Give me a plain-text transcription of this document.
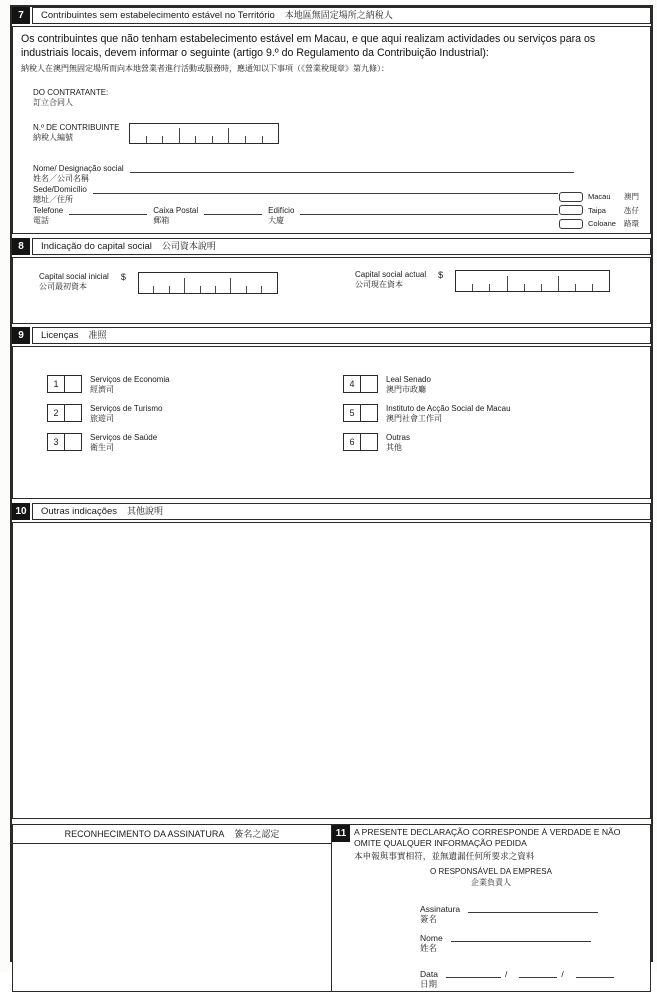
7	Contribuintes sem estabelecimento estável no Território 本地區無固定場所之納稅人

Os contribuintes que não tenham estabelecimento estável em Macau, e que aqui realizam actividades ou serviços para os industriais locais, devem informar o seguinte (artigo 9.º do Regulamento da Contribuição Industrial):

納稅人在澳門無固定場所而向本地營業者進行活動或服務時，應通知以下事項（《營業稅規章》第九條）：

DO CONTRATANTE:
訂立合同人
N.º DE CONTRIBUINTE
納稅人編號
Nome/ Designação social
姓名／公司名稱
Sede/Domicílio
總址／住所
Telefone
電話
Caixa Postal
郵箱
Edifício
大廈
Macau	澳門
Taipa	氹仔
Coloane	路環
8	Indicação do capital social 公司資本說明
Capital social inicial
公司最初資本
$	Capital social actual
公司現在資本
$
9	Licenças 准照
1	Serviços de Economia
經濟司
2	Serviços de Turismo
旅遊司
3	Serviços de Saúde
衛生司
4	Leal Senado
澳門市政廳
5	Instituto de Acção Social de Macau
澳門社會工作司
6	Outras
其他
10	Outras indicações 其他說明
RECONHECIMENTO DA ASSINATURA 簽名之認定	11 A PRESENTE DECLARAÇÃO CORRESPONDE À VERDADE E NÃO OMITE QUALQUER INFORMAÇÃO PEDIDA
本申報與事實相符，並無遺漏任何所要求之資料
O RESPONSÁVEL DA EMPRESA
企業負責人
Assinatura
簽名
Nome
姓名
Data
日期
/	/
